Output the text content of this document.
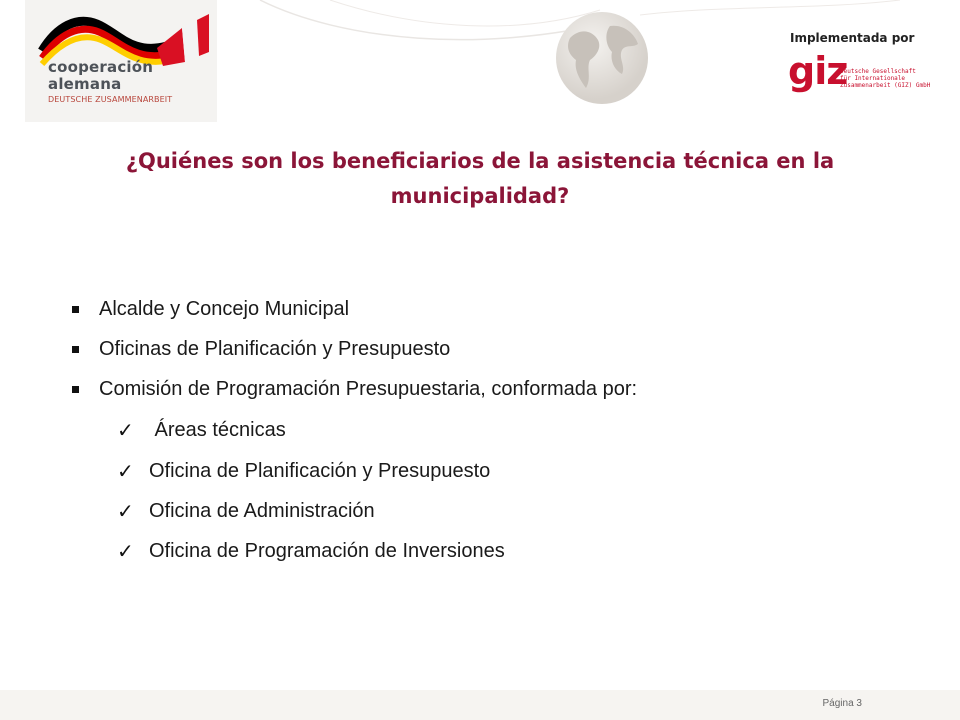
cooperación
alemana
DEUTSCHE ZUSAMMENARBEIT
Implementada por
giz
Deutsche Gesellschaft
für Internationale
Zusammenarbeit (GIZ) GmbH
¿Quiénes son los beneficiarios de la asistencia técnica en la
municipalidad?
Alcalde y Concejo Municipal
Oficinas de Planificación y Presupuesto
Comisión de Programación Presupuestaria, conformada por:
✓ Áreas técnicas
✓ Oficina de Planificación y Presupuesto
✓ Oficina de Administración
✓ Oficina de Programación de Inversiones
Página 3
